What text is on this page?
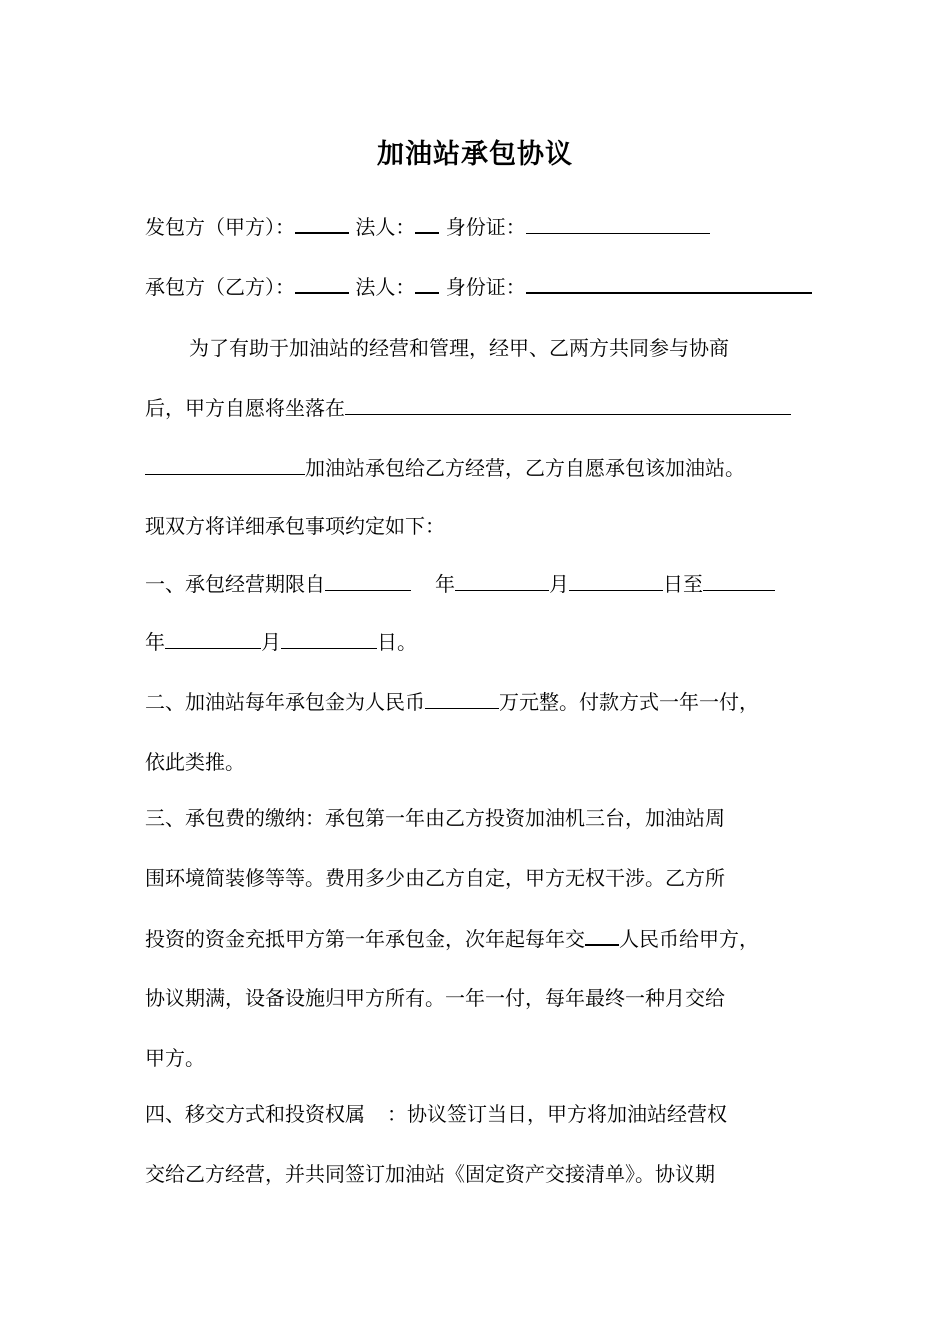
加油站承包协议
发包方（甲方）：	法人： 身份证：
承包方（乙方）：	法人： 身份证：
为了有助于加油站的经营和管理，经甲、乙两方共同参与协商
后，甲方自愿将坐落在
加油站承包给乙方经营，乙方自愿承包该加油站。
现双方将详细承包事项约定如下：
一、承包经营期限自	年	月	日至
年	月	日。
二、加油站每年承包金为人民币	万元整。付款方式一年一付，
依此类推。
三、承包费的缴纳：承包第一年由乙方投资加油机三台，加油站周
围环境简装修等等。费用多少由乙方自定，甲方无权干涉。乙方所
投资的资金充抵甲方第一年承包金，次年起每年交 人民币给甲方，
协议期满，设备设施归甲方所有。一年一付，每年最终一种月交给
甲方。
四、移交方式和投资权属 ：协议签订当日，甲方将加油站经营权
交给乙方经营，并共同签订加油站《固定资产交接清单》。协议期
